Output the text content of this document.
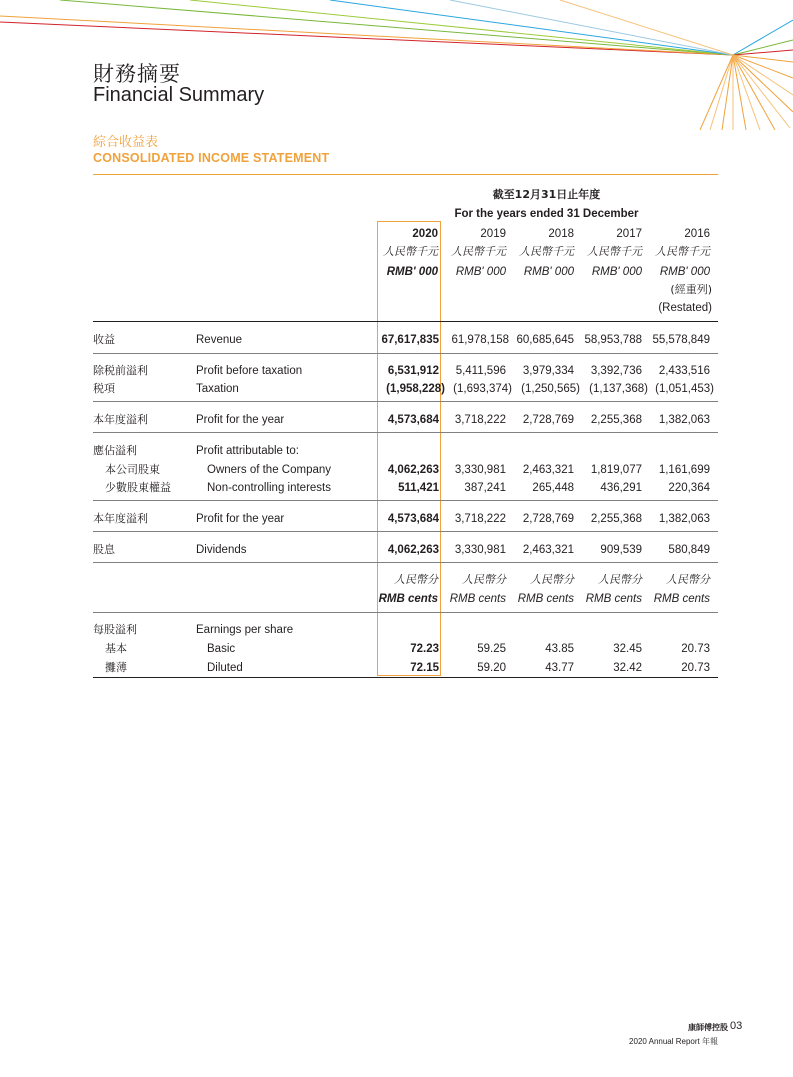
財務摘要
Financial Summary
綜合收益表
CONSOLIDATED INCOME STATEMENT
截至12月31日止年度
For the years ended 31 December
2020	2019	2018	2017	2016
人民幣千元	人民幣千元	人民幣千元	人民幣千元	人民幣千元
RMB' 000	RMB' 000	RMB' 000	RMB' 000	RMB' 000
(經重列)
(Restated)
收益	Revenue	67,617,835	61,978,158 60,685,645 58,953,788 55,578,849
除税前溢利	Profit before taxation	6,531,912	5,411,596	3,979,334	3,392,736	2,433,516
税項	Taxation	(1,958,228) (1,693,374) (1,250,565) (1,137,368) (1,051,453)
本年度溢利	Profit for the year	4,573,684	3,718,222	2,728,769	2,255,368	1,382,063
應佔溢利	Profit attributable to:
本公司股東	Owners of the Company	4,062,263	3,330,981	2,463,321	1,819,077	1,161,699
少數股東權益	Non-controlling interests	511,421	387,241	265,448	436,291	220,364
本年度溢利	Profit for the year	4,573,684	3,718,222	2,728,769	2,255,368	1,382,063
股息	Dividends	4,062,263	3,330,981	2,463,321	909,539	580,849
人民幣分	人民幣分	人民幣分	人民幣分	人民幣分
RMB cents	RMB cents	RMB cents	RMB cents	RMB cents
每股溢利	Earnings per share
基本	Basic	72.23	59.25	43.85	32.45	20.73
攤薄	Diluted	72.15	59.20	43.77	32.42	20.73
康師傅控股
2020 Annual Report 年報
03
